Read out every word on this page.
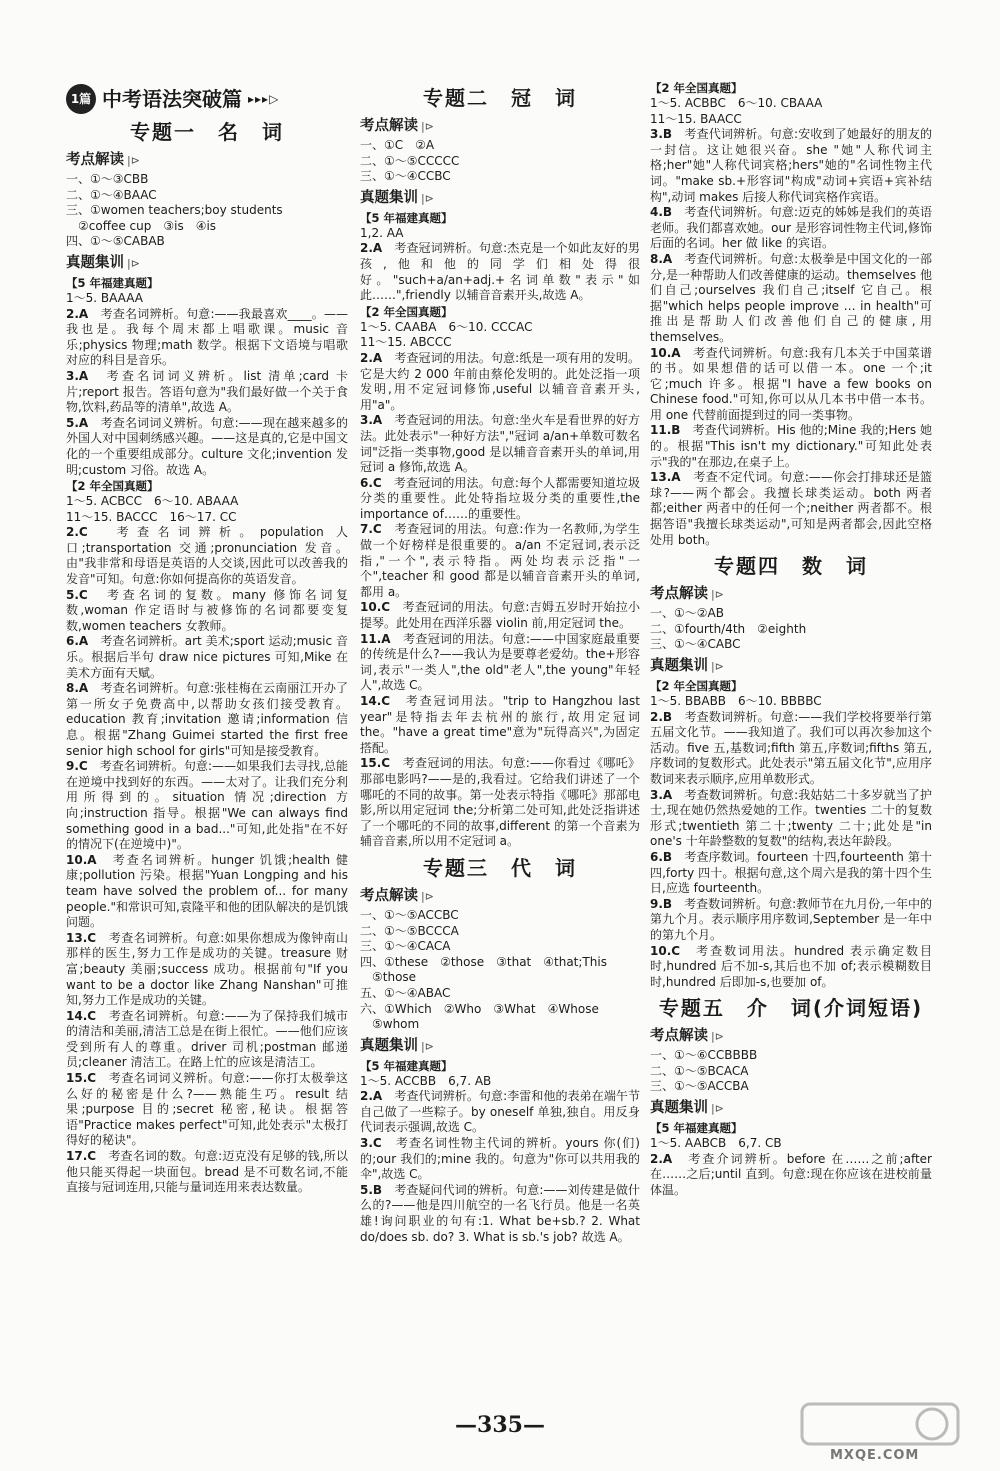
1篇 中考语法突破篇 ▸▸▸▷
专题一　名　词
考点解读 |⊳
一、①～③CBB
二、①～④BAAC
三、①women teachers;boy students
　②coffee cup　③is　④is
四、①～⑤CABAB
真题集训 |⊳
【5 年福建真题】
1～5. BAAAA

2.A　 考查名词辨析。句意:——我最喜欢____。——我也是。我每个周末都上唱歌课。music 音乐;physics 物理;math 数学。根据下文语境与唱歌对应的科目是音乐。

3.A　 考查名词词义辨析。list 清单;card 卡片;report 报告。答语句意为"我们最好做一个关于食物,饮料,药品等的清单",故选 A。

5.A　 考查名词词义辨析。句意:——现在越来越多的外国人对中国刺绣感兴趣。——这是真的,它是中国文化的一个重要组成部分。culture 文化;invention 发明;custom 习俗。故选 A。

【2 年全国真题】
1～5. ACBCC　6～10. ABAAA
11～15. BACCC　16～17. CC

2.C　 考查名词辨析。population 人口;transportation 交通;pronunciation 发音。由"我非常和母语是英语的人交谈,因此可以改善我的发音"可知。句意:你如何提高你的英语发音。

5.C　 考查名词的复数。many 修饰名词复数,woman 作定语时与被修饰的名词都要变复数,women teachers 女教师。

6.A　 考查名词辨析。art 美术;sport 运动;music 音乐。根据后半句 draw nice pictures 可知,Mike 在美术方面有天赋。

8.A　 考查名词辨析。句意:张桂梅在云南丽江开办了第一所女子免费高中,以帮助女孩们接受教育。education 教育;invitation 邀请;information 信息。根据"Zhang Guimei started the first free senior high school for girls"可知是接受教育。

9.C　 考查名词辨析。句意:——如果我们去寻找,总能在逆境中找到好的东西。——太对了。让我们充分利用所得到的。situation 情况;direction 方向;instruction 指导。根据"We can always find something good in a bad..."可知,此处指"在不好的情况下(在逆境中)"。

10.A　 考查名词辨析。hunger 饥饿;health 健康;pollution 污染。根据"Yuan Longping and his team have solved the problem of... for many people."和常识可知,袁隆平和他的团队解决的是饥饿问题。

13.C　 考查名词辨析。句意:如果你想成为像钟南山那样的医生,努力工作是成功的关键。treasure 财富;beauty 美丽;success 成功。根据前句"If you want to be a doctor like Zhang Nanshan"可推知,努力工作是成功的关键。

14.C　 考查名词辨析。句意:——为了保持我们城市的清洁和美丽,清洁工总是在街上很忙。——他们应该受到所有人的尊重。driver 司机;postman 邮递员;cleaner 清洁工。在路上忙的应该是清洁工。

15.C　 考查名词词义辨析。句意:——你打太极拳这么好的秘密是什么?——熟能生巧。result 结果;purpose 目的;secret 秘密,秘诀。根据答语"Practice makes perfect"可知,此处表示"太极打得好的秘诀"。

17.C　 考查名词的数。句意:迈克没有足够的钱,所以他只能买得起一块面包。bread 是不可数名词,不能直接与冠词连用,只能与量词连用来表达数量。

专题二　冠　词
考点解读 |⊳
一、①C　②A
二、①～⑤CCCCC
三、①～④CCBC
真题集训 |⊳
【5 年福建真题】
1,2. AA

2.A　 考查冠词辨析。句意:杰克是一个如此友好的男孩,他和他的同学们相处得很好。"such+a/an+adj.+名词单数"表示"如此……",friendly 以辅音音素开头,故选 A。

【2 年全国真题】
1～5. CAABA　6～10. CCCAC
11～15. ABCCC

2.A　 考查冠词的用法。句意:纸是一项有用的发明。它是大约 2 000 年前由蔡伦发明的。此处泛指一项发明,用不定冠词修饰,useful 以辅音音素开头,用"a"。

3.A　 考查冠词的用法。句意:坐火车是看世界的好方法。此处表示"一种好方法","冠词 a/an+单数可数名词"泛指一类事物,good 是以辅音音素开头的单词,用冠词 a 修饰,故选 A。

6.C　 考查冠词的用法。句意:每个人都需要知道垃圾分类的重要性。此处特指垃圾分类的重要性,the importance of……的重要性。

7.C　 考查冠词的用法。句意:作为一名教师,为学生做一个好榜样是很重要的。a/an 不定冠词,表示泛指,"一个",表示特指。两处均表示泛指"一个",teacher 和 good 都是以辅音音素开头的单词,都用 a。

10.C　 考查冠词的用法。句意:吉姆五岁时开始拉小提琴。此处用在西洋乐器 violin 前,用定冠词 the。

11.A　 考查冠词的用法。句意:——中国家庭最重要的传统是什么?——我认为是要尊老爱幼。the+形容词,表示"一类人",the old"老人",the young"年轻人",故选 C。

14.C　 考查冠词用法。"trip to Hangzhou last year"是特指去年去杭州的旅行,故用定冠词 the。"have a great time"意为"玩得高兴",为固定搭配。

15.C　 考查冠词的用法。句意:——你看过《哪吒》那部电影吗?——是的,我看过。它给我们讲述了一个哪吒的不同的故事。第一处表示特指《哪吒》那部电影,所以用定冠词 the;分析第二处可知,此处泛指讲述了一个哪吒的不同的故事,different 的第一个音素为辅音音素,所以用不定冠词 a。

专题三　代　词
考点解读 |⊳
一、①～⑤ACCBC
二、①～⑤BCCCA
三、①～④CACA
四、①these　②those　③that　④that;This
　⑤those
五、①～④ABAC
六、①Which　②Who　③What　④Whose
　⑤whom
真题集训 |⊳
【5 年福建真题】
1～5. ACCBB　6,7. AB

2.A　 考查代词辨析。句意:李雷和他的表弟在端午节自己做了一些粽子。by oneself 单独,独自。用反身代词表示强调,故选 C。

3.C　 考查名词性物主代词的辨析。yours 你(们)的;our 我们的;mine 我的。句意为"你可以共用我的伞",故选 C。

5.B　 考查疑问代词的辨析。句意:——刘传建是做什么的?——他是四川航空的一名飞行员。他是一名英雄!询问职业的句有:1. What be+sb.? 2. What do/does sb. do? 3. What is sb.'s job? 故选 A。

【2 年全国真题】
1～5. ACBBC　6～10. CBAAA
11～15. BAACC

3.B　 考查代词辨析。句意:安收到了她最好的朋友的一封信。这让她很兴奋。she "她"人称代词主格;her"她"人称代词宾格;hers"她的"名词性物主代词。"make sb.+形容词"构成"动词+宾语+宾补结构",动词 makes 后接人称代词宾格作宾语。

4.B　 考查代词辨析。句意:迈克的姊姊是我们的英语老师。我们都喜欢她。our 是形容词性物主代词,修饰后面的名词。her 做 like 的宾语。

8.A　 考查代词辨析。句意:太极拳是中国文化的一部分,是一种帮助人们改善健康的运动。themselves 他们自己;ourselves 我们自己;itself 它自己。根据"which helps people improve … in health"可推出是帮助人们改善他们自己的健康,用 themselves。

10.A　 考查代词辨析。句意:我有几本关于中国菜谱的书。如果想借的话可以借一本。one 一个;it 它;much 许多。根据"I have a few books on Chinese food."可知,你可以从几本书中借一本书。用 one 代替前面提到过的同一类事物。

11.B　 考查代词辨析。His 他的;Mine 我的;Hers 她的。根据"This isn't my dictionary."可知此处表示"我的"在那边,在桌子上。

13.A　 考查不定代词。句意:——你会打排球还是篮球?——两个都会。我擅长球类运动。both 两者都;either 两者中的任何一个;neither 两者都不。根据答语"我擅长球类运动",可知是两者都会,因此空格处用 both。

专题四　数　词
考点解读 |⊳
一、①～②AB
二、①fourth/4th　②eighth
三、①～④CABC
真题集训 |⊳
【2 年全国真题】
1～5. BBABB　6～10. BBBBC

2.B　 考查数词辨析。句意:——我们学校将要举行第五届文化节。——我知道了。我们可以再次参加这个活动。five 五,基数词;fifth 第五,序数词;fifths 第五,序数词的复数形式。此处表示"第五届文化节",应用序数词来表示顺序,应用单数形式。

3.A　 考查数词辨析。句意:我姑姑二十多岁就当了护士,现在她仍然热爱她的工作。twenties 二十的复数形式;twentieth 第二十;twenty 二十;此处是"in one's 十年龄整数的复数"的结构,表达年龄段。

6.B　 考查序数词。fourteen 十四,fourteenth 第十四,forty 四十。根据句意,这个周六是我的第十四个生日,应选 fourteenth。

9.B　 考查数词辨析。句意:教师节在九月份,一年中的第九个月。表示顺序用序数词,September 是一年中的第九个月。

10.C　 考查数词用法。hundred 表示确定数目时,hundred 后不加-s,其后也不加 of;表示模糊数目时,hundred 后即加-s,也要加 of。

专题五　介　词(介词短语)
考点解读 |⊳
一、①～⑥CCBBBB
二、①～⑤BCACA
三、①～⑤ACCBA
真题集训 |⊳
【5 年福建真题】
1～5. AABCB　6,7. CB

2.A　 考查介词辨析。before 在……之前;after 在……之后;until 直到。句意:现在你应该在进校前量体温。

—335—
MXQE.COM
